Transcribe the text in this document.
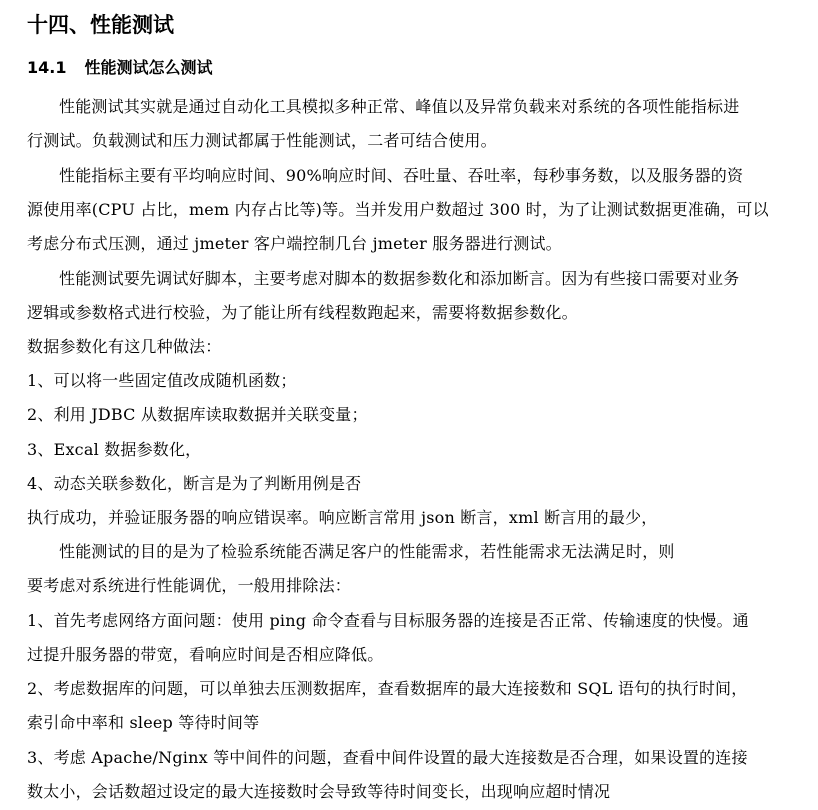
十四、性能测试
14.1 性能测试怎么测试
性能测试其实就是通过自动化工具模拟多种正常、峰值以及异常负载来对系统的各项性能指标进
行测试。负载测试和压力测试都属于性能测试，二者可结合使用。
性能指标主要有平均响应时间、90%响应时间、吞吐量、吞吐率，每秒事务数，以及服务器的资
源使用率(CPU 占比，mem 内存占比等)等。当并发用户数超过 300 时，为了让测试数据更准确，可以
考虑分布式压测，通过 jmeter 客户端控制几台 jmeter 服务器进行测试。
性能测试要先调试好脚本，主要考虑对脚本的数据参数化和添加断言。因为有些接口需要对业务
逻辑或参数格式进行校验，为了能让所有线程数跑起来，需要将数据参数化。
数据参数化有这几种做法：
1、可以将一些固定值改成随机函数；
2、利用 JDBC 从数据库读取数据并关联变量；
3、Excal 数据参数化，
4、动态关联参数化，断言是为了判断用例是否
执行成功，并验证服务器的响应错误率。响应断言常用 json 断言，xml 断言用的最少，
性能测试的目的是为了检验系统能否满足客户的性能需求，若性能需求无法满足时，则
要考虑对系统进行性能调优，一般用排除法：
1、首先考虑网络方面问题：使用 ping 命令查看与目标服务器的连接是否正常、传输速度的快慢。通
过提升服务器的带宽，看响应时间是否相应降低。
2、考虑数据库的问题，可以单独去压测数据库，查看数据库的最大连接数和 SQL 语句的执行时间，
索引命中率和 sleep 等待时间等
3、考虑 Apache/Nginx 等中间件的问题，查看中间件设置的最大连接数是否合理，如果设置的连接
数太小，会话数超过设定的最大连接数时会导致等待时间变长，出现响应超时情况
